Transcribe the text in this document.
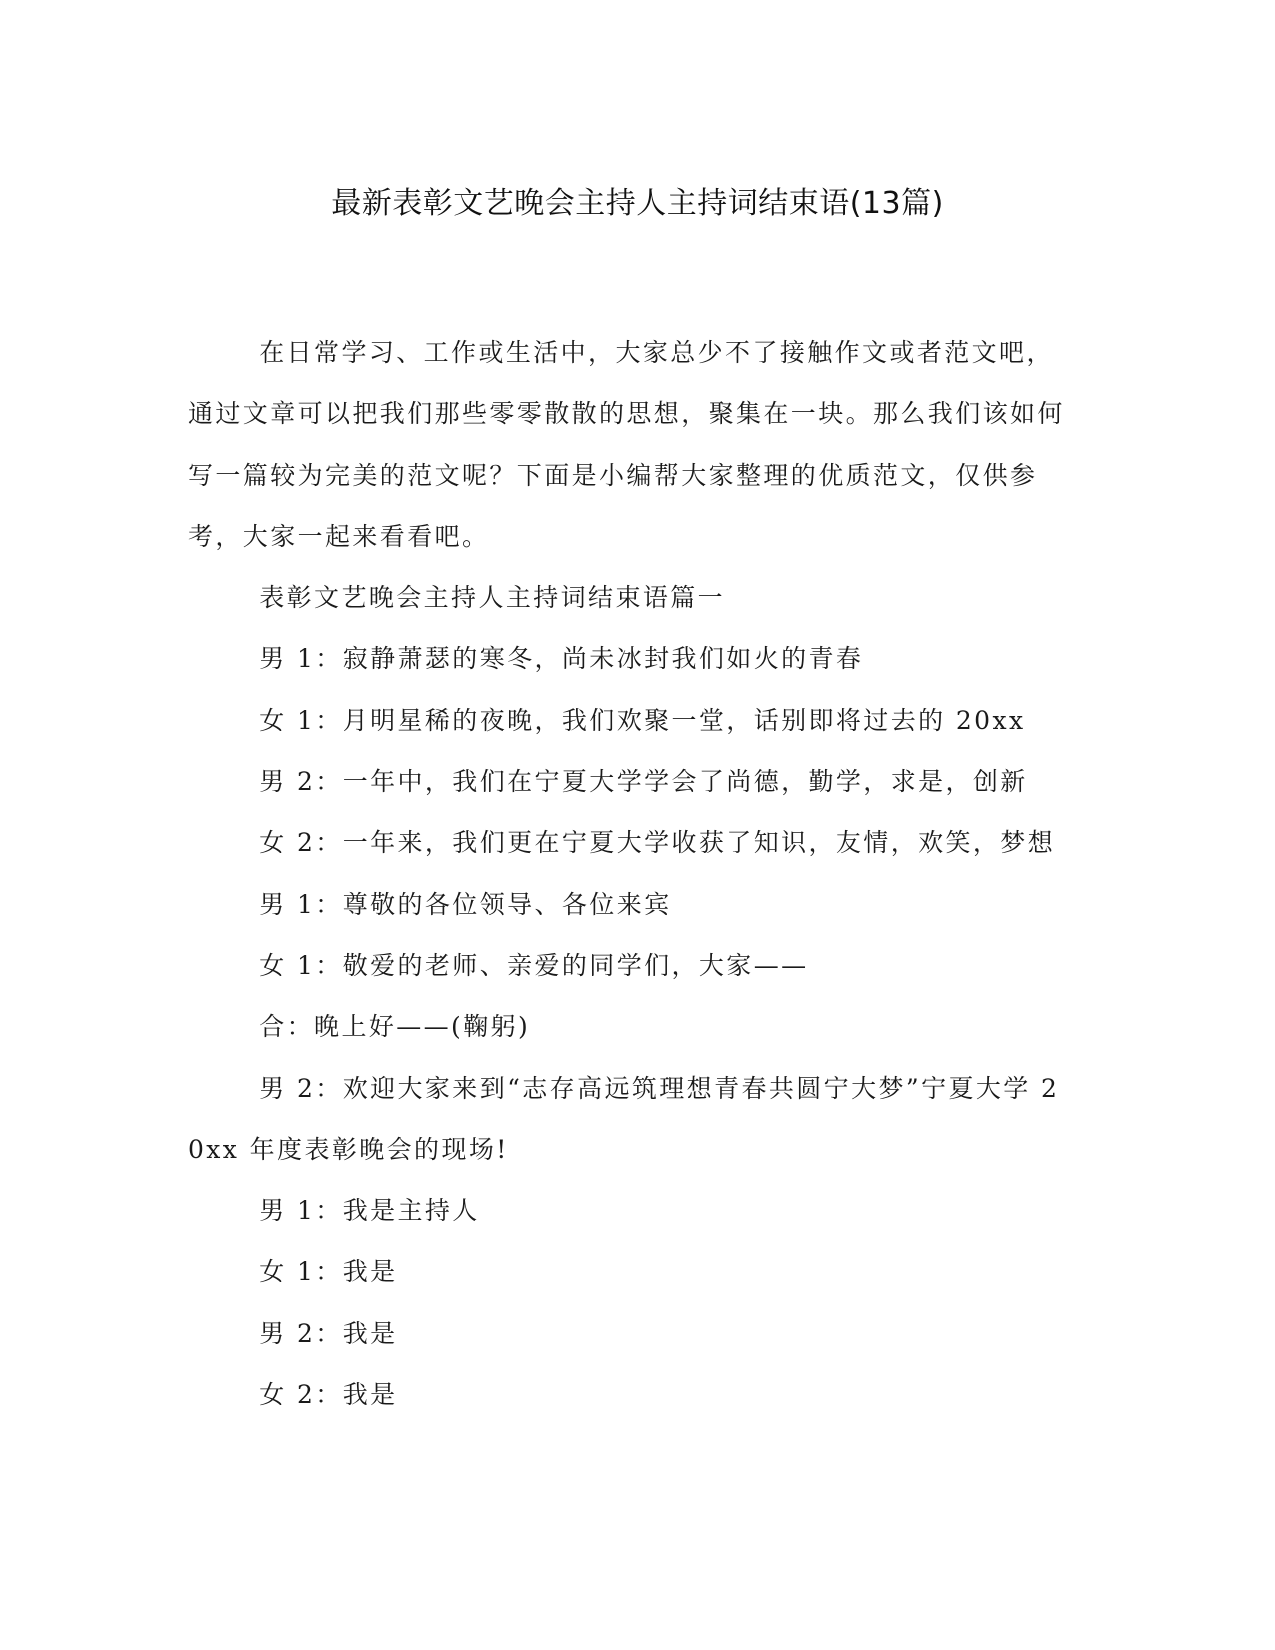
最新表彰文艺晚会主持人主持词结束语(13篇)

在日常学习、工作或生活中，大家总少不了接触作文或者范文吧，通过文章可以把我们那些零零散散的思想，聚集在一块。那么我们该如何写一篇较为完美的范文呢？下面是小编帮大家整理的优质范文，仅供参考，大家一起来看看吧。

表彰文艺晚会主持人主持词结束语篇一

男 1：寂静萧瑟的寒冬，尚未冰封我们如火的青春

女 1：月明星稀的夜晚，我们欢聚一堂，话别即将过去的 20xx

男 2：一年中，我们在宁夏大学学会了尚德，勤学，求是，创新

女 2：一年来，我们更在宁夏大学收获了知识，友情，欢笑，梦想

男 1：尊敬的各位领导、各位来宾

女 1：敬爱的老师、亲爱的同学们，大家——

合：晚上好——(鞠躬)

男 2：欢迎大家来到“志存高远筑理想青春共圆宁大梦”宁夏大学 20xx 年度表彰晚会的现场!

男 1：我是主持人

女 1：我是

男 2：我是

女 2：我是
